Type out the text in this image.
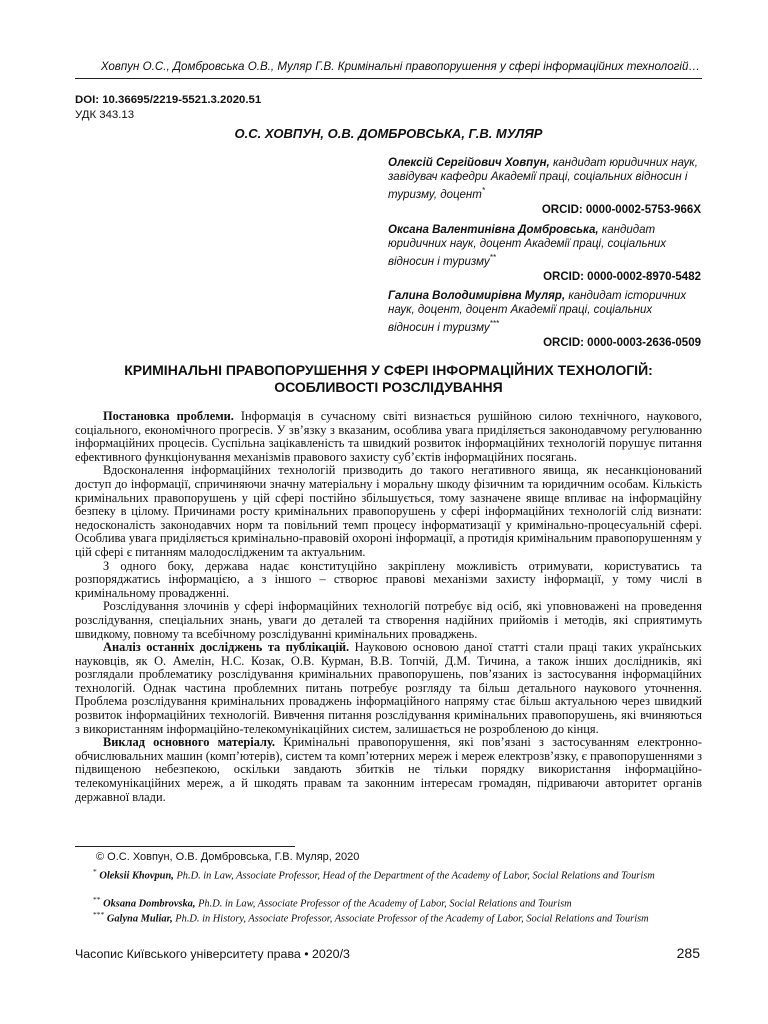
Ховпун О.С., Домбровська О.В., Муляр Г.В. Кримінальні правопорушення у сфері інформаційних технологій…
DOI: 10.36695/2219-5521.3.2020.51
УДК 343.13
О.С. ХОВПУН, О.В. ДОМБРОВСЬКА, Г.В. МУЛЯР
Олексій Сергійович Ховпун, кандидат юридичних наук, завідувач кафедри Академії праці, соціальних відносин і туризму, доцент*
ORCID: 0000-0002-5753-966X
Оксана Валентинівна Домбровська, кандидат юридичних наук, доцент Академії праці, соціальних відносин і туризму**
ORCID: 0000-0002-8970-5482
Галина Володимирівна Муляр, кандидат історичних наук, доцент, доцент Академії праці, соціальних відносин і туризму***
ORCID: 0000-0003-2636-0509
КРИМІНАЛЬНІ ПРАВОПОРУШЕННЯ У СФЕРІ ІНФОРМАЦІЙНИХ ТЕХНОЛОГІЙ:
ОСОБЛИВОСТІ РОЗСЛІДУВАННЯ

Постановка проблеми. Інформація в сучасному світі визнається рушійною силою технічного, наукового, соціального, економічного прогресів. У зв’язку з вказаним, особлива увага приділяється законодавчому регулюванню інформаційних процесів. Суспільна зацікавленість та швидкий розвиток інформаційних технологій порушує питання ефективного функціонування механізмів правового захисту суб’єктів інформаційних посягань.

Вдосконалення інформаційних технологій призводить до такого негативного явища, як несанкціонований доступ до інформації, спричиняючи значну матеріальну і моральну шкоду фізичним та юридичним особам. Кількість кримінальних правопорушень у цій сфері постійно збільшується, тому зазначене явище впливає на інформаційну безпеку в цілому. Причинами росту кримінальних правопорушень у сфері інформаційних технологій слід визнати: недосконалість законодавчих норм та повільний темп процесу інформатизації у кримінально-процесуальній сфері. Особлива увага приділяється кримінально-правовій охороні інформації, а протидія кримінальним правопорушенням у цій сфері є питанням малодослідженим та актуальним.

З одного боку, держава надає конституційно закріплену можливість отримувати, користуватись та розпоряджатись інформацією, а з іншого – створює правові механізми захисту інформації, у тому числі в кримінальному провадженні.

Розслідування злочинів у сфері інформаційних технологій потребує від осіб, які уповноважені на проведення розслідування, спеціальних знань, уваги до деталей та створення надійних прийомів і методів, які сприятимуть швидкому, повному та всебічному розслідуванні кримінальних проваджень.

Аналіз останніх досліджень та публікацій. Науковою основою даної статті стали праці таких українських науковців, як О. Амелін, Н.С. Козак, О.В. Курман, В.В. Топчій, Д.М. Тичина, а також інших дослідників, які розглядали проблематику розслідування кримінальних правопорушень, пов’язаних із застосування інформаційних технологій. Однак частина проблемних питань потребує розгляду та більш детального наукового уточнення. Проблема розслідування кримінальних проваджень інформаційного напряму стає більш актуальною через швидкий розвиток інформаційних технологій. Вивчення питання розслідування кримінальних правопорушень, які вчиняються з використанням інформаційно-телекомунікаційних систем, залишається не розробленою до кінця.

Виклад основного матеріалу. Кримінальні правопорушення, які пов’язані з застосуванням електронно-обчислювальних машин (комп’ютерів), систем та комп’ютерних мереж і мереж електрозв’язку, є правопорушеннями з підвищеною небезпекою, оскільки завдають збитків не тільки порядку використання інформаційно-телекомунікаційних мереж, а й шкодять правам та законним інтересам громадян, підриваючи авторитет органів державної влади.

© О.С. Ховпун, О.В. Домбровська, Г.В. Муляр, 2020
* Oleksii Khovpun, Ph.D. in Law, Associate Professor, Head of the Department of the Academy of Labor, Social Relations and Tourism
** Oksana Dombrovska, Ph.D. in Law, Associate Professor of the Academy of Labor, Social Relations and Tourism
*** Galyna Muliar, Ph.D. in History, Associate Professor, Associate Professor of the Academy of Labor, Social Relations and Tourism
Часопис Київського університету права • 2020/3	285
